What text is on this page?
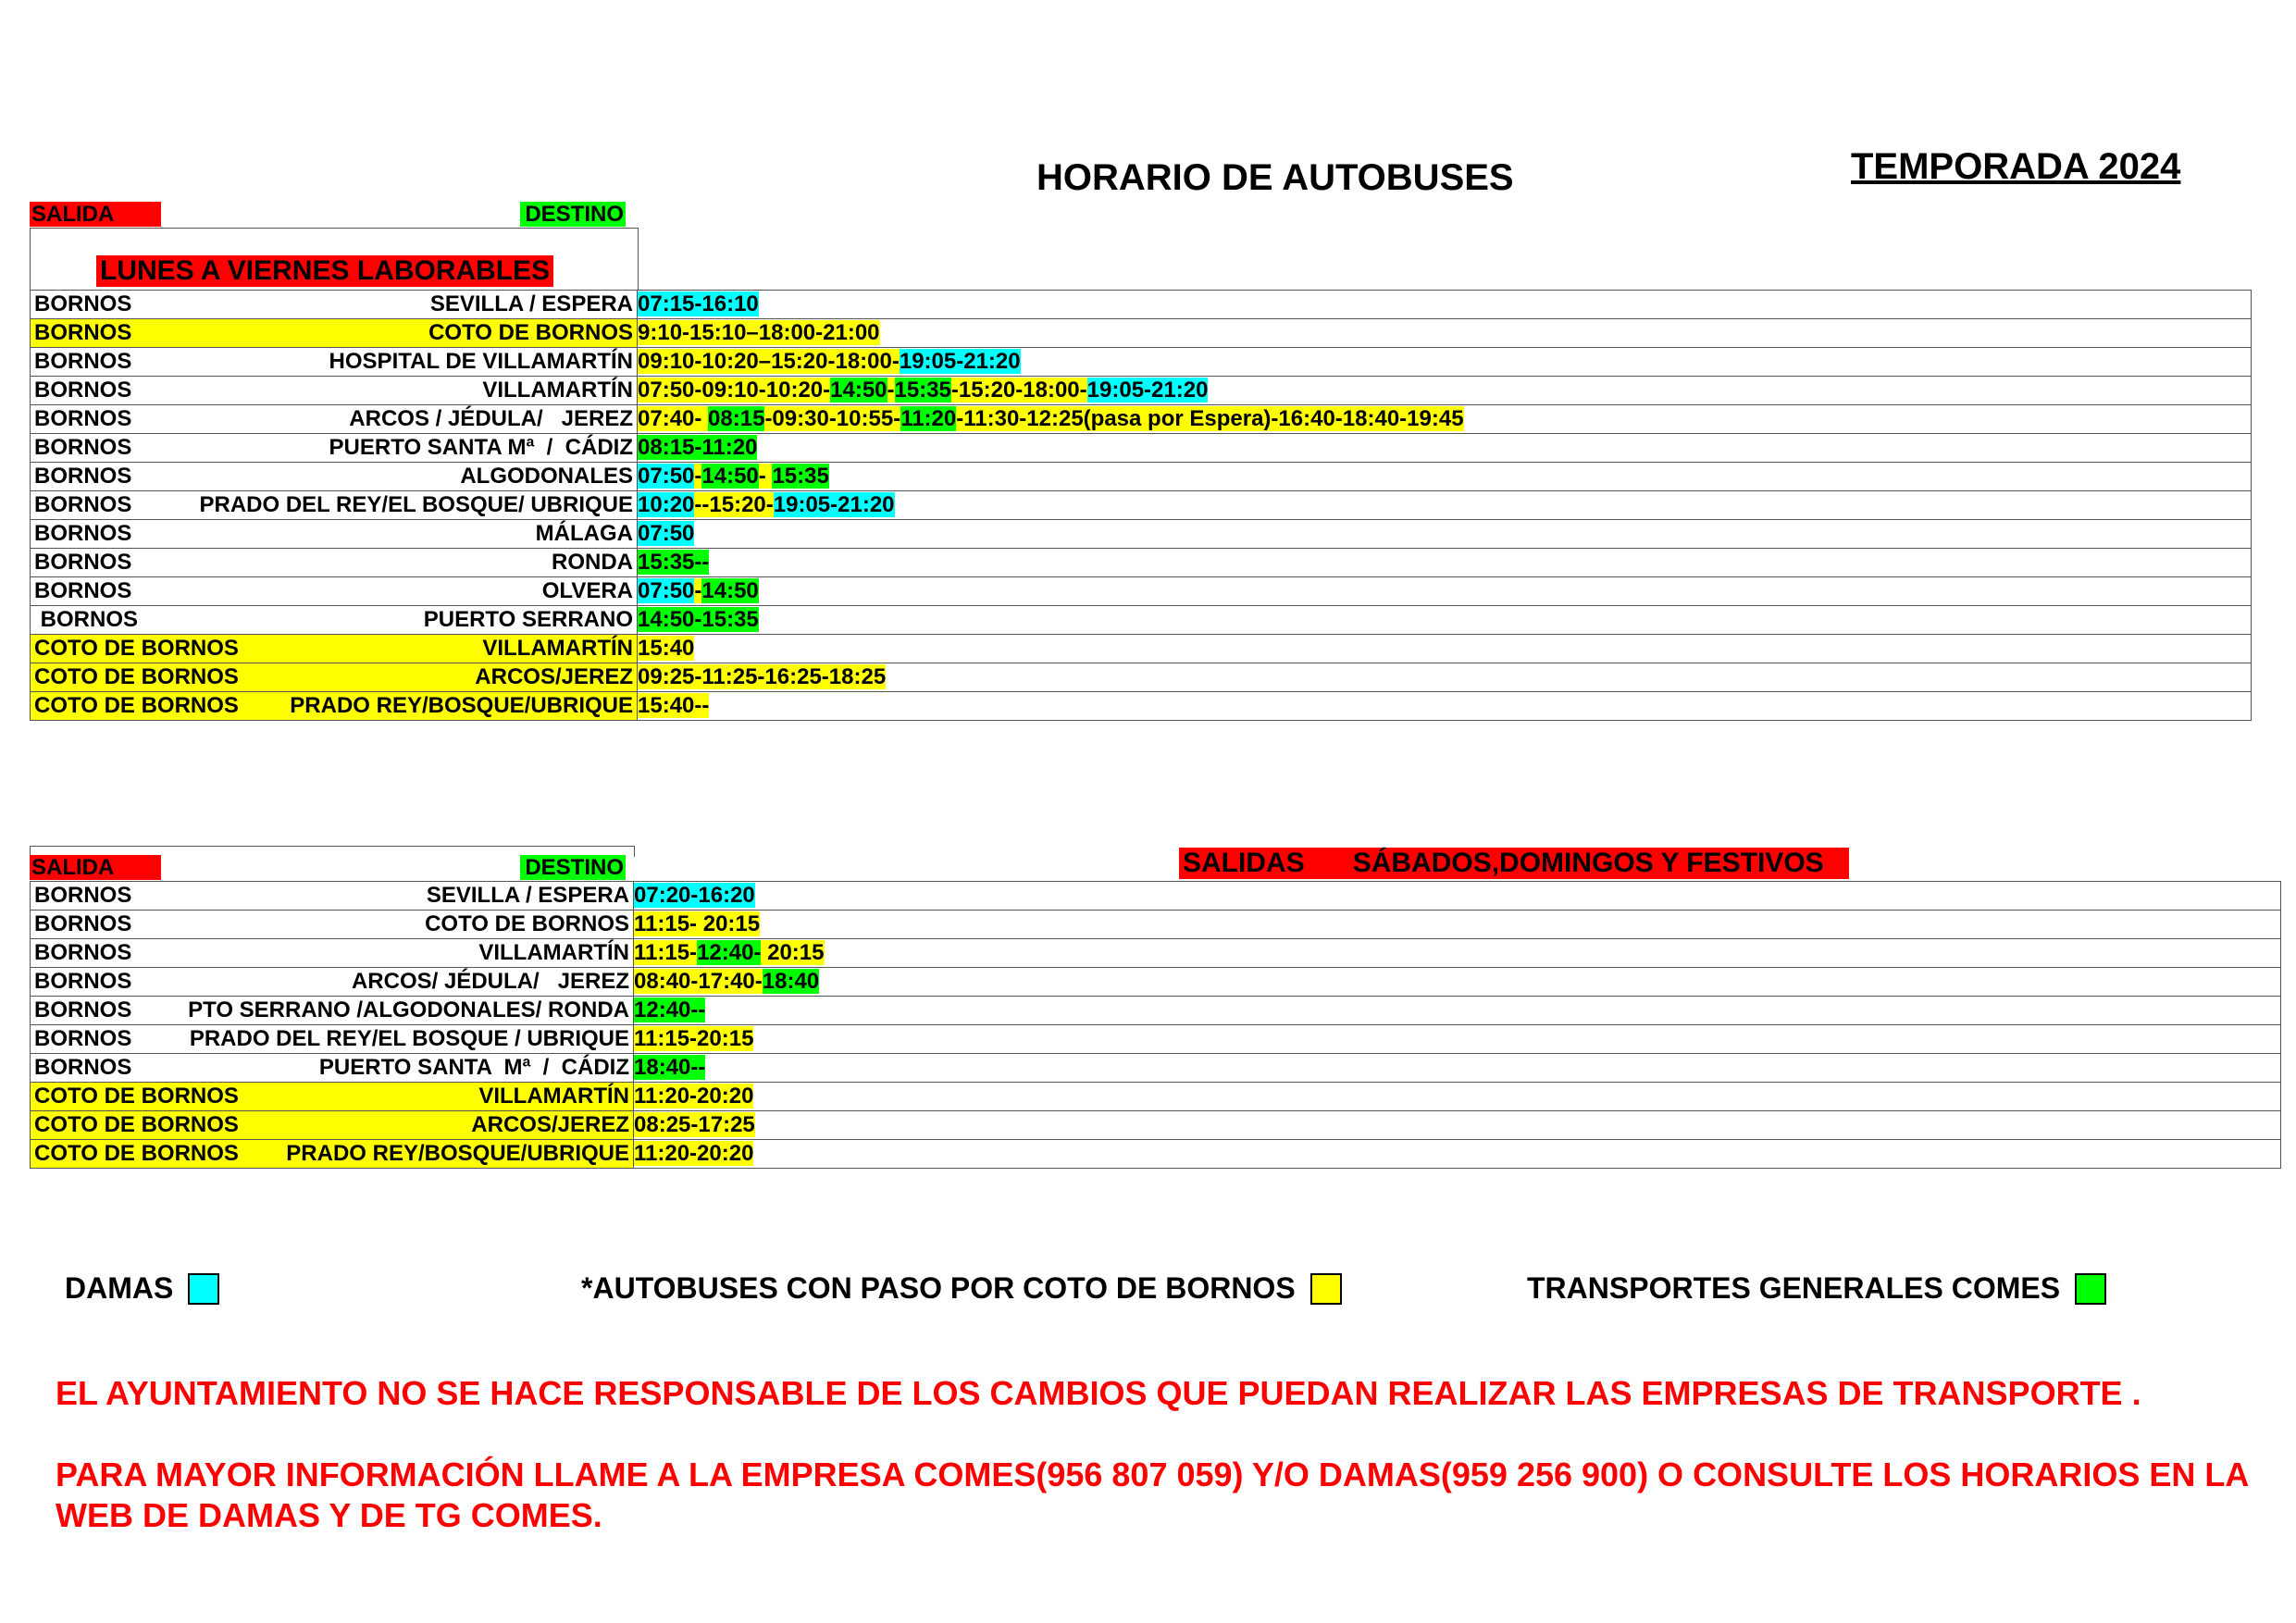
HORARIO DE AUTOBUSES	TEMPORADA 2024
SALIDA	DESTINO
LUNES A VIERNES LABORABLES
BORNOS SEVILLA / ESPERA	07:15-16:10

BORNOS COTO DE BORNOS	9:10-15:10–18:00-21:00

BORNOS HOSPITAL DE VILLAMARTÍN	09:10-10:20–15:20-18:00-19:05-21:20

BORNOS VILLAMARTÍN	07:50-09:10-10:20-14:50-15:35-15:20-18:00-19:05-21:20

BORNOS ARCOS / JÉDULA/   JEREZ	07:40- 08:15-09:30-10:55-11:20-11:30-12:25(pasa por Espera)-16:40-18:40-19:45

BORNOS PUERTO SANTA Mª  /  CÁDIZ	08:15-11:20

BORNOS ALGODONALES	07:50-14:50- 15:35

BORNOS PRADO DEL REY/EL BOSQUE/ UBRIQUE	10:20--15:20-19:05-21:20

BORNOS MÁLAGA	07:50

BORNOS RONDA	15:35--

BORNOS OLVERA	07:50-14:50

BORNOS PUERTO SERRANO	14:50-15:35

COTO DE BORNOS VILLAMARTÍN	15:40

COTO DE BORNOS ARCOS/JEREZ	09:25-11:25-16:25-18:25

COTO DE BORNOS PRADO REY/BOSQUE/UBRIQUE	15:40--
SALIDA	DESTINO	SALIDAS SÁBADOS,DOMINGOS Y FESTIVOS
BORNOS SEVILLA / ESPERA	07:20-16:20

BORNOS COTO DE BORNOS	11:15- 20:15

BORNOS VILLAMARTÍN	11:15-12:40- 20:15

BORNOS ARCOS/ JÉDULA/   JEREZ	08:40-17:40-18:40

BORNOS PTO SERRANO /ALGODONALES/ RONDA	12:40--

BORNOS PRADO DEL REY/EL BOSQUE / UBRIQUE	11:15-20:15

BORNOS PUERTO SANTA  Mª  /  CÁDIZ	18:40--

COTO DE BORNOS VILLAMARTÍN	11:20-20:20

COTO DE BORNOS ARCOS/JEREZ	08:25-17:25

COTO DE BORNOS PRADO REY/BOSQUE/UBRIQUE	11:20-20:20
DAMAS	*AUTOBUSES CON PASO POR COTO DE BORNOS	TRANSPORTES GENERALES COMES
EL AYUNTAMIENTO NO SE HACE RESPONSABLE DE LOS CAMBIOS QUE PUEDAN REALIZAR LAS EMPRESAS DE TRANSPORTE .
PARA MAYOR INFORMACIÓN LLAME A LA EMPRESA COMES(956 807 059) Y/O DAMAS(959 256 900) O CONSULTE LOS HORARIOS EN LA WEB DE DAMAS Y DE TG COMES.
